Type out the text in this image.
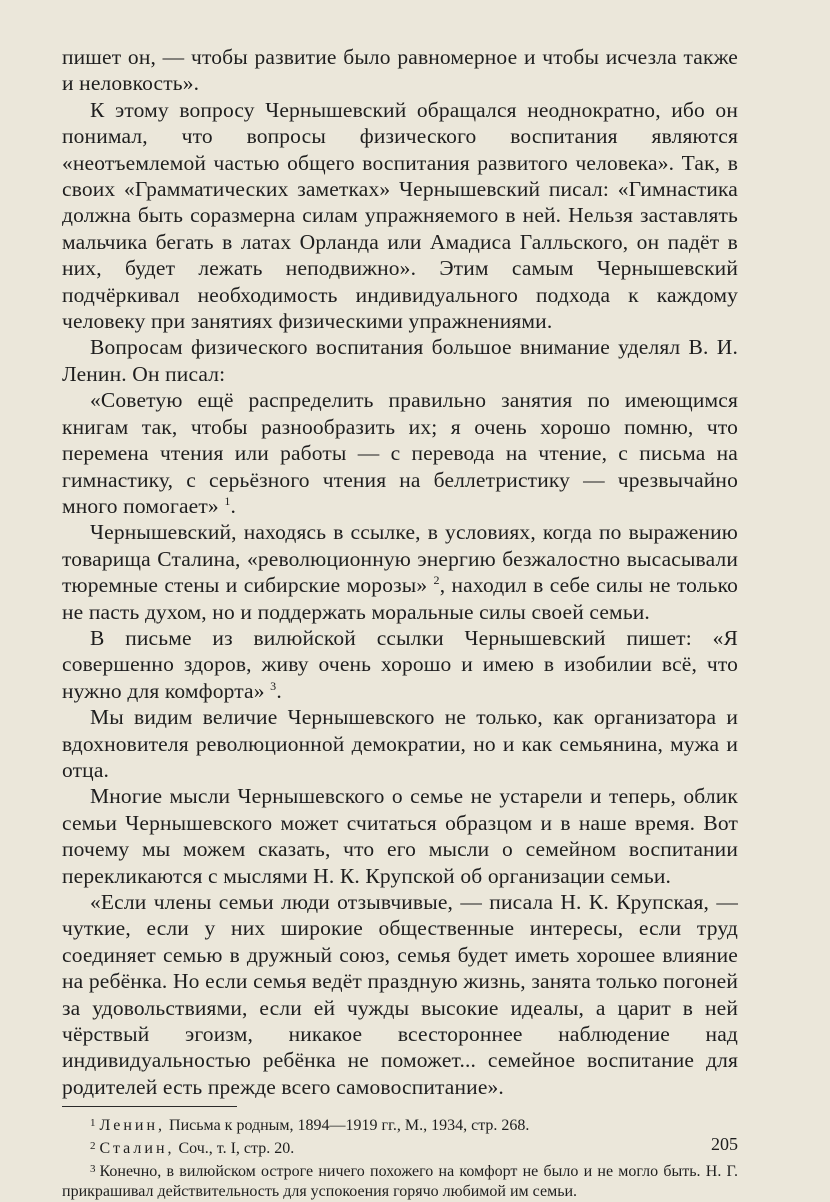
пишет он, — чтобы развитие было равномерное и чтобы исчезла также и неловкость».

К этому вопросу Чернышевский обращался неоднократно, ибо он понимал, что вопросы физического воспитания являются «неотъемлемой частью общего воспитания развитого человека». Так, в своих «Грамматических заметках» Чернышевский писал: «Гимнастика должна быть соразмерна силам упражняемого в ней. Нельзя заставлять мальчика бегать в латах Орланда или Амадиса Галльского, он падёт в них, будет лежать неподвижно». Этим самым Чернышевский подчёркивал необходимость индивидуального подхода к каждому человеку при занятиях физическими упражнениями.

Вопросам физического воспитания большое внимание уделял В. И. Ленин. Он писал:

«Советую ещё распределить правильно занятия по имеющимся книгам так, чтобы разнообразить их; я очень хорошо помню, что перемена чтения или работы — с перевода на чтение, с письма на гимнастику, с серьёзного чтения на беллетристику — чрезвычайно много помогает» $^1$.

Чернышевский, находясь в ссылке, в условиях, когда по выражению товарища Сталина, «революционную энергию безжалостно высасывали тюремные стены и сибирские морозы» $^2$, находил в себе силы не только не пасть духом, но и поддержать моральные силы своей семьи.

В письме из вилюйской ссылки Чернышевский пишет: «Я совершенно здоров, живу очень хорошо и имею в изобилии всё, что нужно для комфорта» $^3$.

Мы видим величие Чернышевского не только, как организатора и вдохновителя революционной демократии, но и как семьянина, мужа и отца.

Многие мысли Чернышевского о семье не устарели и теперь, облик семьи Чернышевского может считаться образцом и в наше время. Вот почему мы можем сказать, что его мысли о семейном воспитании перекликаются с мыслями Н. К. Крупской об организации семьи.

«Если члены семьи люди отзывчивые, — писала Н. К. Крупская, — чуткие, если у них широкие общественные интересы, если труд соединяет семью в дружный союз, семья будет иметь хорошее влияние на ребёнка. Но если семья ведёт праздную жизнь, занята только погоней за удовольствиями, если ей чужды высокие идеалы, а царит в ней чёрствый эгоизм, никакое всестороннее наблюдение над индивидуальностью ребёнка не поможет... семейное воспитание для родителей есть прежде всего самовоспитание».

$^1$ Ленин, Письма к родным, 1894—1919 гг., М., 1934, стр. 268.

$^2$ Сталин, Соч., т. I, стр. 20.

$^3$ Конечно, в вилюйском остроге ничего похожего на комфорт не было и не могло быть. Н. Г. прикрашивал действительность для успокоения горячо любимой им семьи.

205
